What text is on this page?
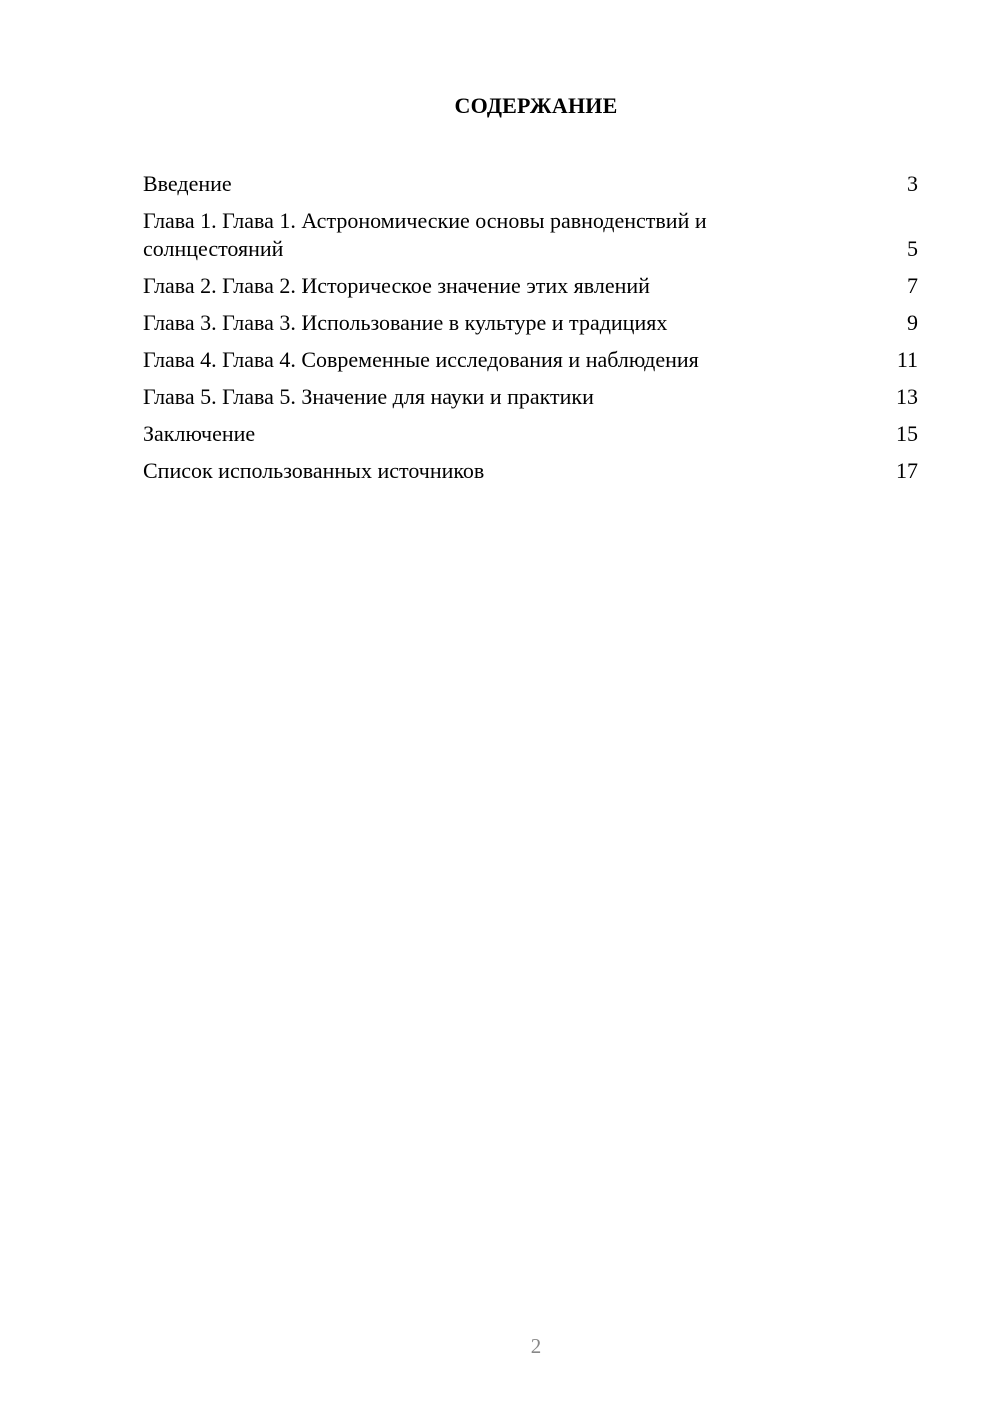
СОДЕРЖАНИЕ
Введение	3
Глава 1. Глава 1. Астрономические основы равноденствий и солнцестояний	5
Глава 2. Глава 2. Историческое значение этих явлений	7
Глава 3. Глава 3. Использование в культуре и традициях	9
Глава 4. Глава 4. Современные исследования и наблюдения	11
Глава 5. Глава 5. Значение для науки и практики	13
Заключение	15
Список использованных источников	17
2
